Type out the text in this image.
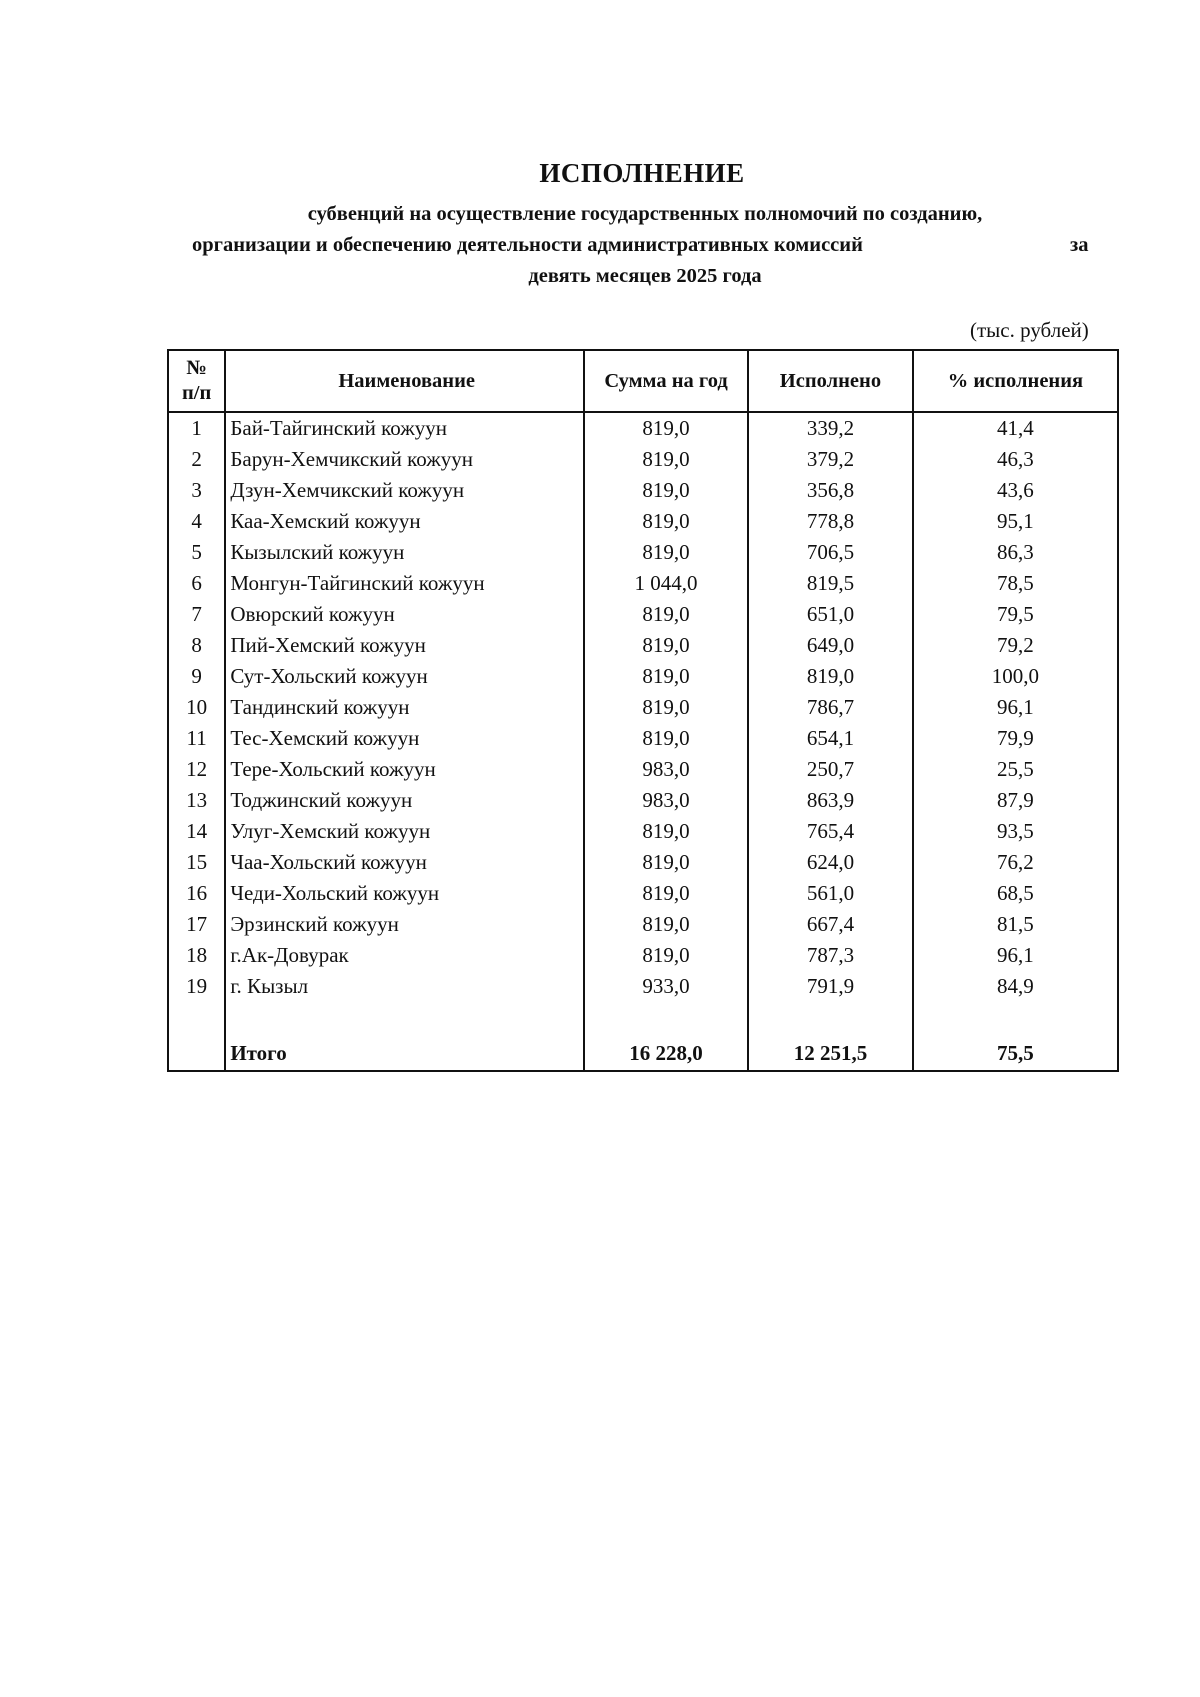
ИСПОЛНЕНИЕ
субвенций на осуществление государственных полномочий по созданию,
организации и обеспечению деятельности административных комиссий	за
девять месяцев 2025 года
(тыс. рублей)
№
п/п	Наименование	Сумма на год	Исполнено	% исполнения
1	Бай-Тайгинский кожуун	819,0	339,2	41,4
2	Барун-Хемчикский кожуун	819,0	379,2	46,3
3	Дзун-Хемчикский кожуун	819,0	356,8	43,6
4	Каа-Хемский кожуун	819,0	778,8	95,1
5	Кызылский кожуун	819,0	706,5	86,3
6	Монгун-Тайгинский кожуун	1 044,0	819,5	78,5
7	Овюрский кожуун	819,0	651,0	79,5
8	Пий-Хемский кожуун	819,0	649,0	79,2
9	Сут-Хольский кожуун	819,0	819,0	100,0
10	Тандинский кожуун	819,0	786,7	96,1
11	Тес-Хемский кожуун	819,0	654,1	79,9
12	Тере-Хольский кожуун	983,0	250,7	25,5
13	Тоджинский кожуун	983,0	863,9	87,9
14	Улуг-Хемский кожуун	819,0	765,4	93,5
15	Чаа-Хольский кожуун	819,0	624,0	76,2
16	Чеди-Хольский кожуун	819,0	561,0	68,5
17	Эрзинский кожуун	819,0	667,4	81,5
18	г.Ак-Довурак	819,0	787,3	96,1
19	г. Кызыл	933,0	791,9	84,9

	Итого	16 228,0	12 251,5	75,5
